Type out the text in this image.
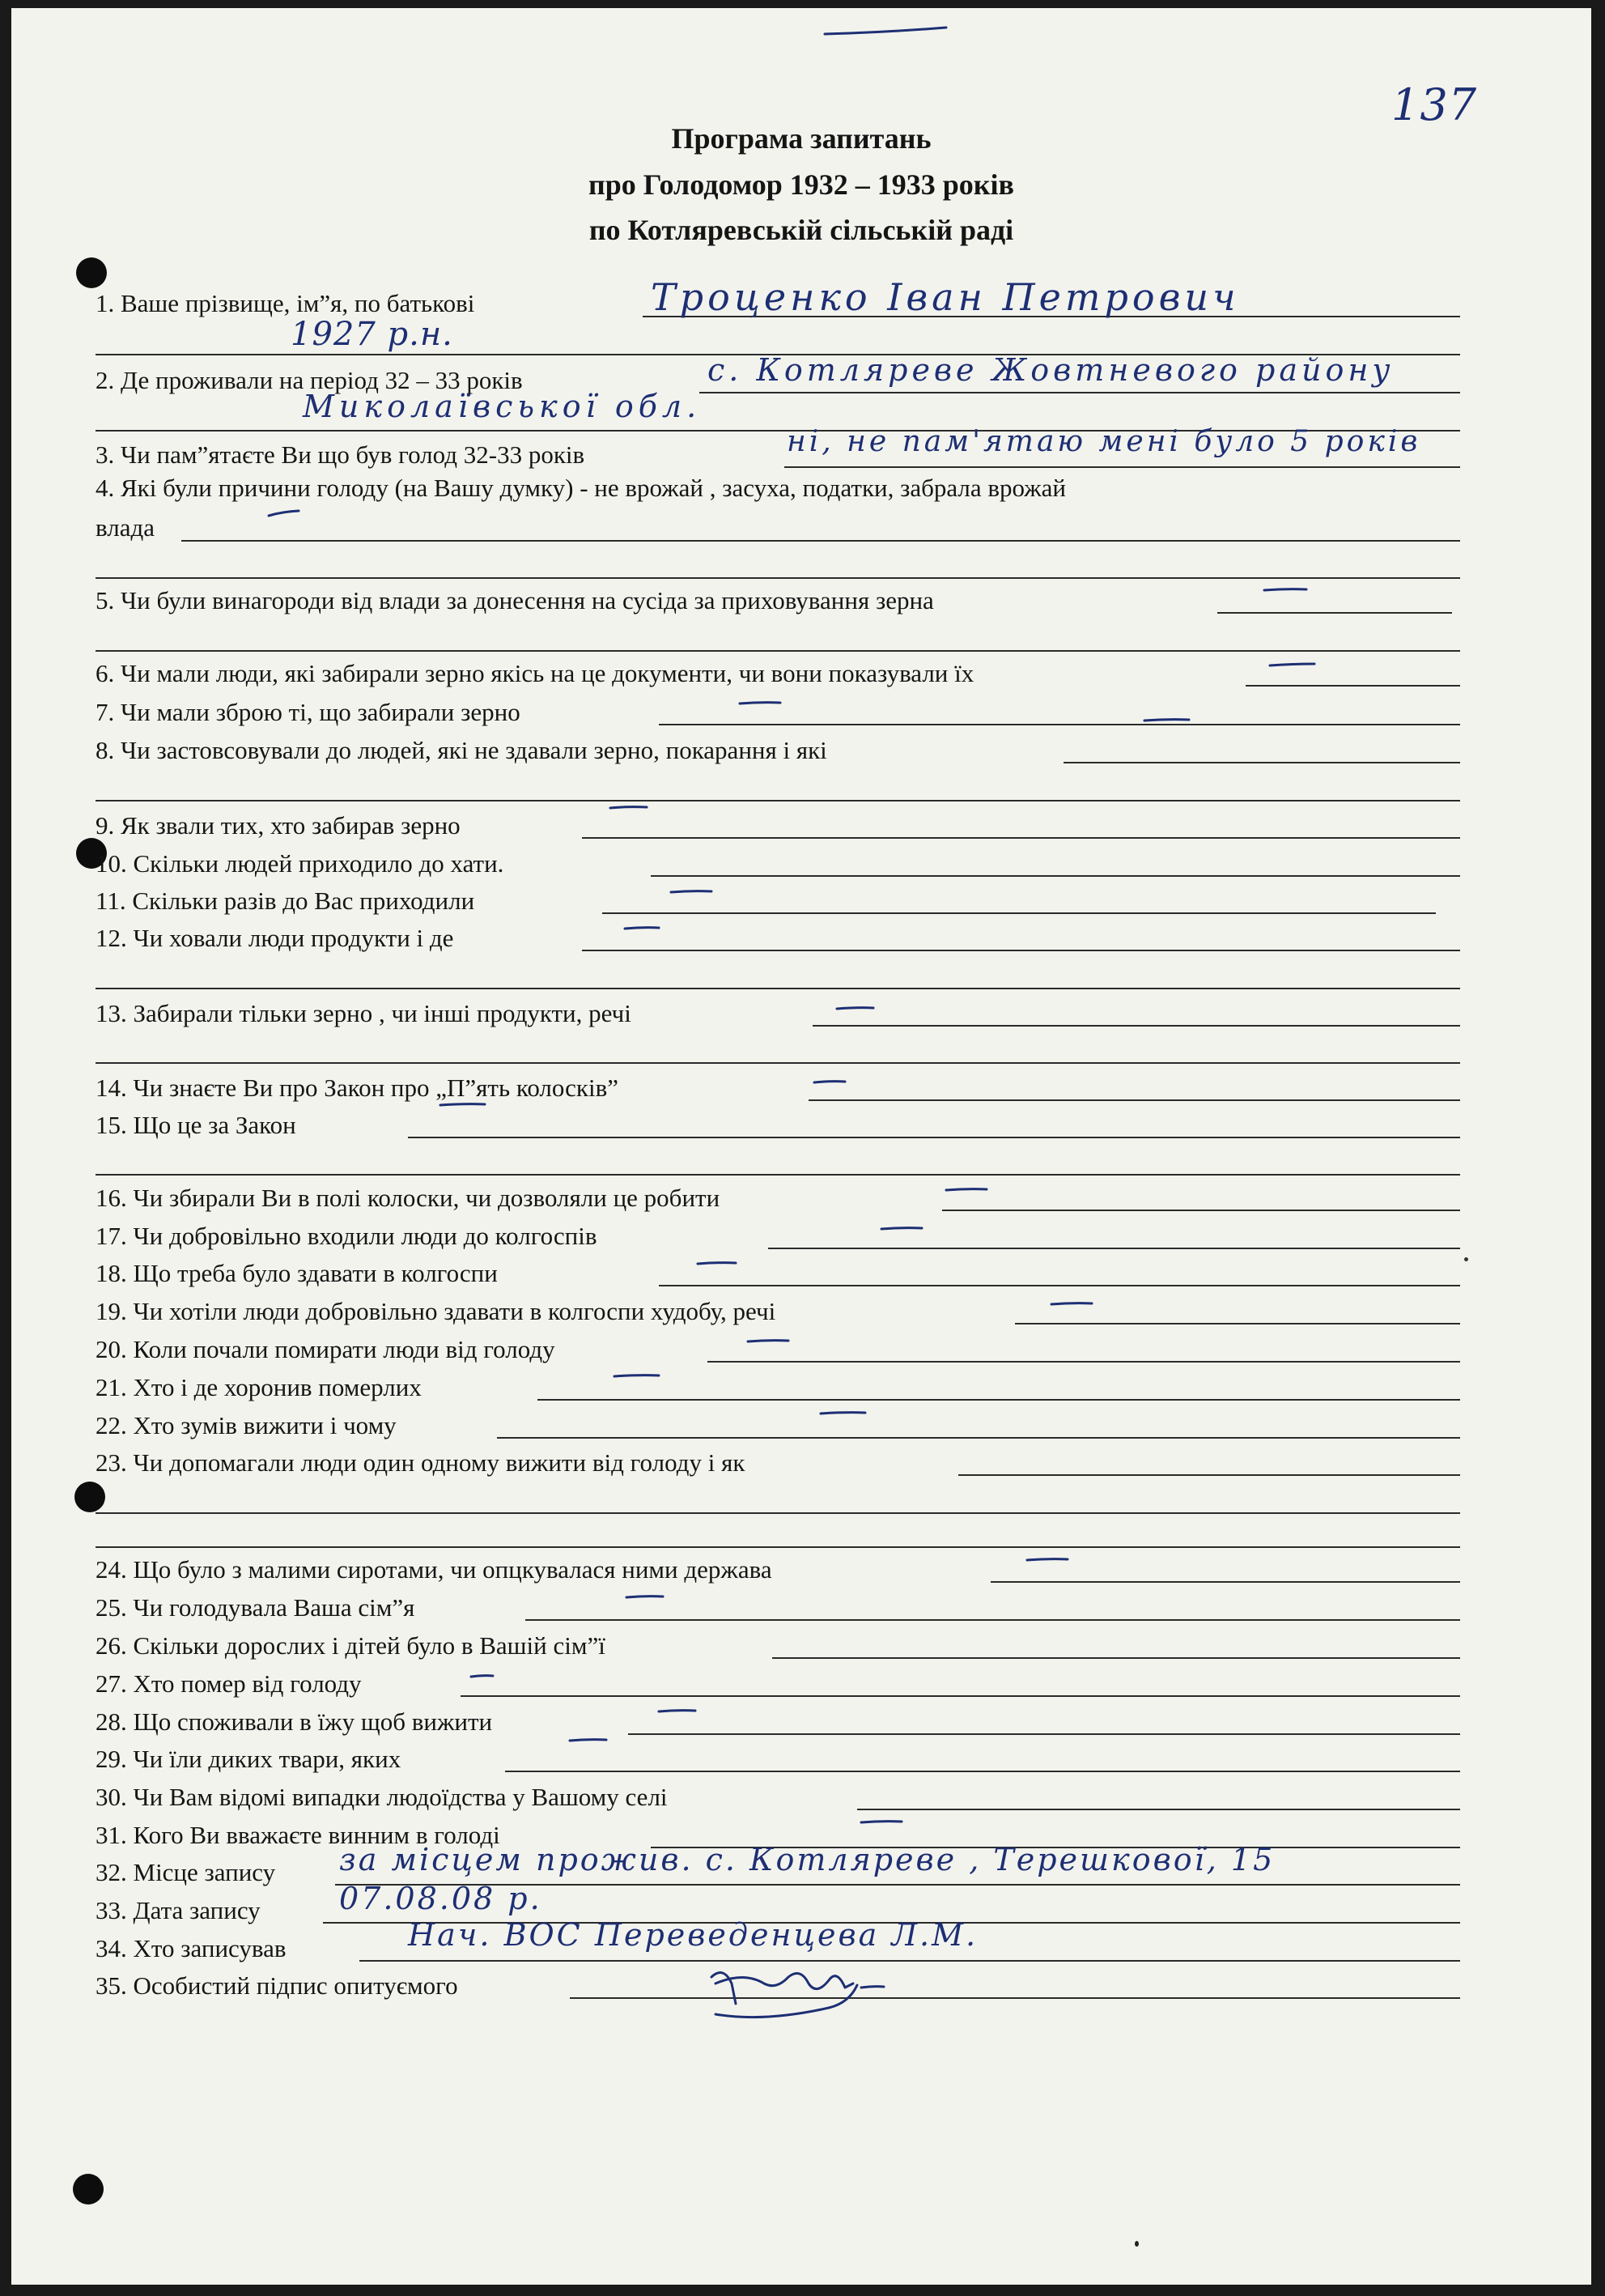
137
Програма запитань
про Голодомор 1932 – 1933 років
по Котляревській сільській раді
1. Ваше прізвище, ім”я, по батькові
2. Де проживали на період 32 – 33 років
3. Чи пам”ятаєте Ви що був голод 32-33 років
4. Які були причини голоду (на Вашу думку) - не врожай , засуха, податки, забрала врожай
влада
5. Чи були винагороди від влади за донесення на сусіда за приховування зерна
6. Чи мали люди, які забирали зерно якісь на це документи, чи вони показували їх
7. Чи мали зброю ті, що забирали зерно
8. Чи застовсовували до людей, які не здавали зерно, покарання і які
9. Як звали тих, хто забирав зерно
10. Скільки людей приходило до хати.
11. Скільки разів до Вас приходили
12. Чи ховали люди продукти і де
13. Забирали тільки зерно , чи інші продукти, речі
14. Чи знаєте Ви про Закон про „П”ять колосків”
15. Що це за Закон
16. Чи збирали Ви в полі колоски, чи дозволяли це робити
17. Чи добровільно входили люди до колгоспів
18. Що треба було здавати в колгоспи
19. Чи хотіли люди добровільно здавати в колгоспи худобу, речі
20. Коли почали помирати люди від голоду
21. Хто і де хоронив померлих
22. Хто зумів вижити і чому
23. Чи допомагали люди один одному вижити від голоду і як
24. Що було з малими сиротами, чи опцкувалася ними держава
25. Чи голодувала Ваша сім”я
26. Скільки дорослих і дітей було в Вашій сім”ї
27. Хто помер від голоду
28. Що споживали в їжу щоб вижити
29. Чи їли диких твари, яких
30. Чи Вам відомі випадки людоїдства у Вашому селі
31. Кого Ви вважаєте винним в голоді
32. Місце запису
33. Дата запису
34. Хто записував
35. Особистий підпис опитуємого
Троценко Іван Петрович
1927 р.н.
с. Котляреве Жовтневого району
Миколаївської обл.
ні, не пам'ятаю мені було 5 років
за місцем прожив. с. Котляреве , Терешкової, 15
07.08.08 р.
Нач. ВОС Переведенцева Л.М.
